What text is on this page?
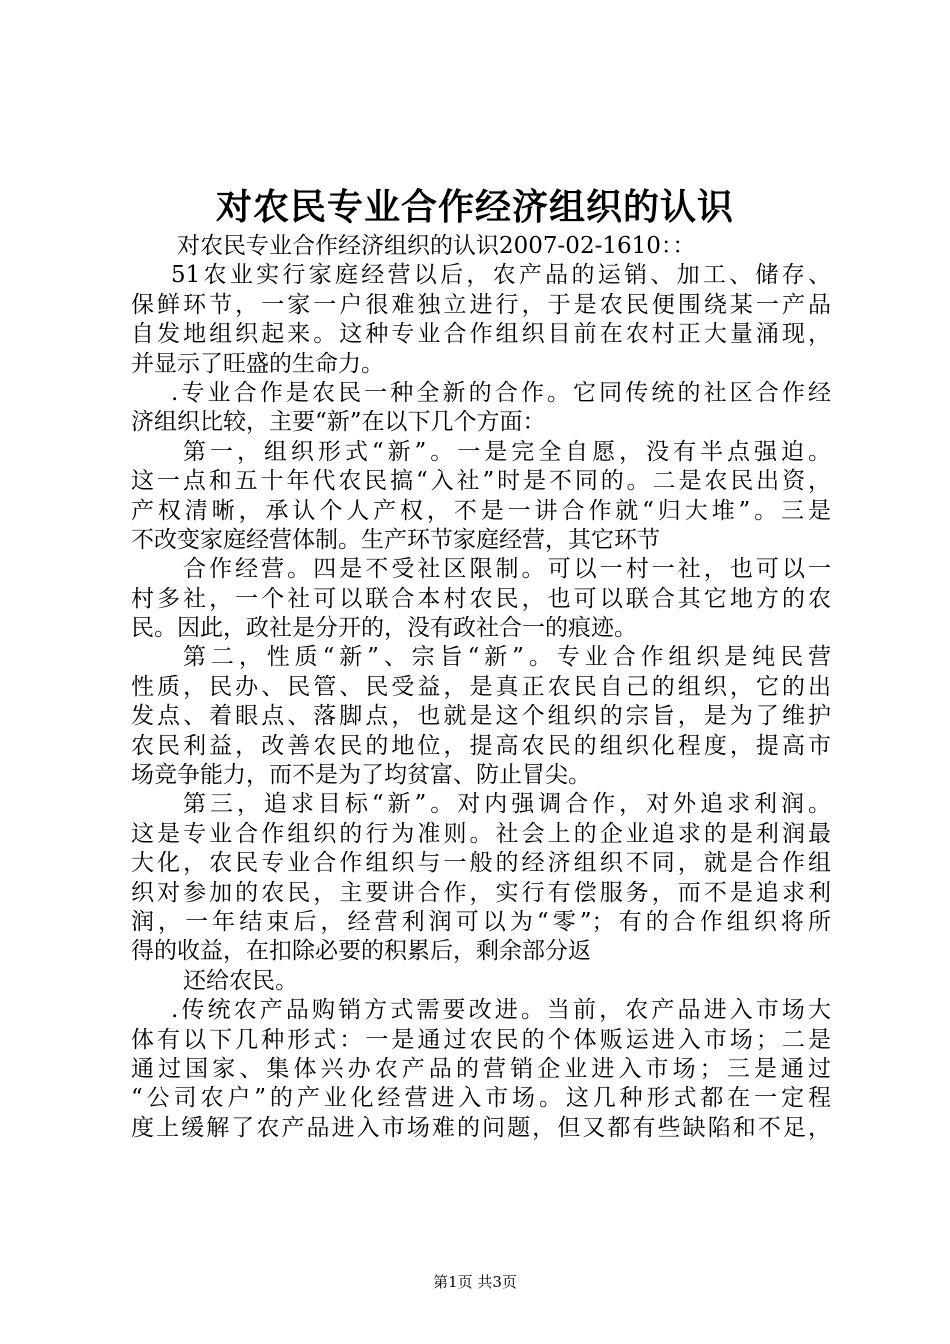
对农民专业合作经济组织的认识
对农民专业合作经济组织的认识2007-02-1610：：
51农业实行家庭经营以后，农产品的运销、加工、储存、
保鲜环节，一家一户很难独立进行，于是农民便围绕某一产品
自发地组织起来。这种专业合作组织目前在农村正大量涌现，
并显示了旺盛的生命力。
.专业合作是农民一种全新的合作。它同传统的社区合作经
济组织比较，主要“新”在以下几个方面：
第一，组织形式“新”。一是完全自愿，没有半点强迫。
这一点和五十年代农民搞“入社”时是不同的。二是农民出资，
产权清晰，承认个人产权，不是一讲合作就“归大堆”。三是
不改变家庭经营体制。生产环节家庭经营，其它环节
合作经营。四是不受社区限制。可以一村一社，也可以一
村多社，一个社可以联合本村农民，也可以联合其它地方的农
民。因此，政社是分开的，没有政社合一的痕迹。
第二，性质“新”、宗旨“新”。专业合作组织是纯民营
性质，民办、民管、民受益，是真正农民自己的组织，它的出
发点、着眼点、落脚点，也就是这个组织的宗旨，是为了维护
农民利益，改善农民的地位，提高农民的组织化程度，提高市
场竞争能力，而不是为了均贫富、防止冒尖。
第三，追求目标“新”。对内强调合作，对外追求利润。
这是专业合作组织的行为准则。社会上的企业追求的是利润最
大化，农民专业合作组织与一般的经济组织不同，就是合作组
织对参加的农民，主要讲合作，实行有偿服务，而不是追求利
润，一年结束后，经营利润可以为“零”；有的合作组织将所
得的收益，在扣除必要的积累后，剩余部分返
还给农民。
.传统农产品购销方式需要改进。当前，农产品进入市场大
体有以下几种形式：一是通过农民的个体贩运进入市场；二是
通过国家、集体兴办农产品的营销企业进入市场；三是通过
“公司农户”的产业化经营进入市场。这几种形式都在一定程
度上缓解了农产品进入市场难的问题，但又都有些缺陷和不足，
第1页 共3页
